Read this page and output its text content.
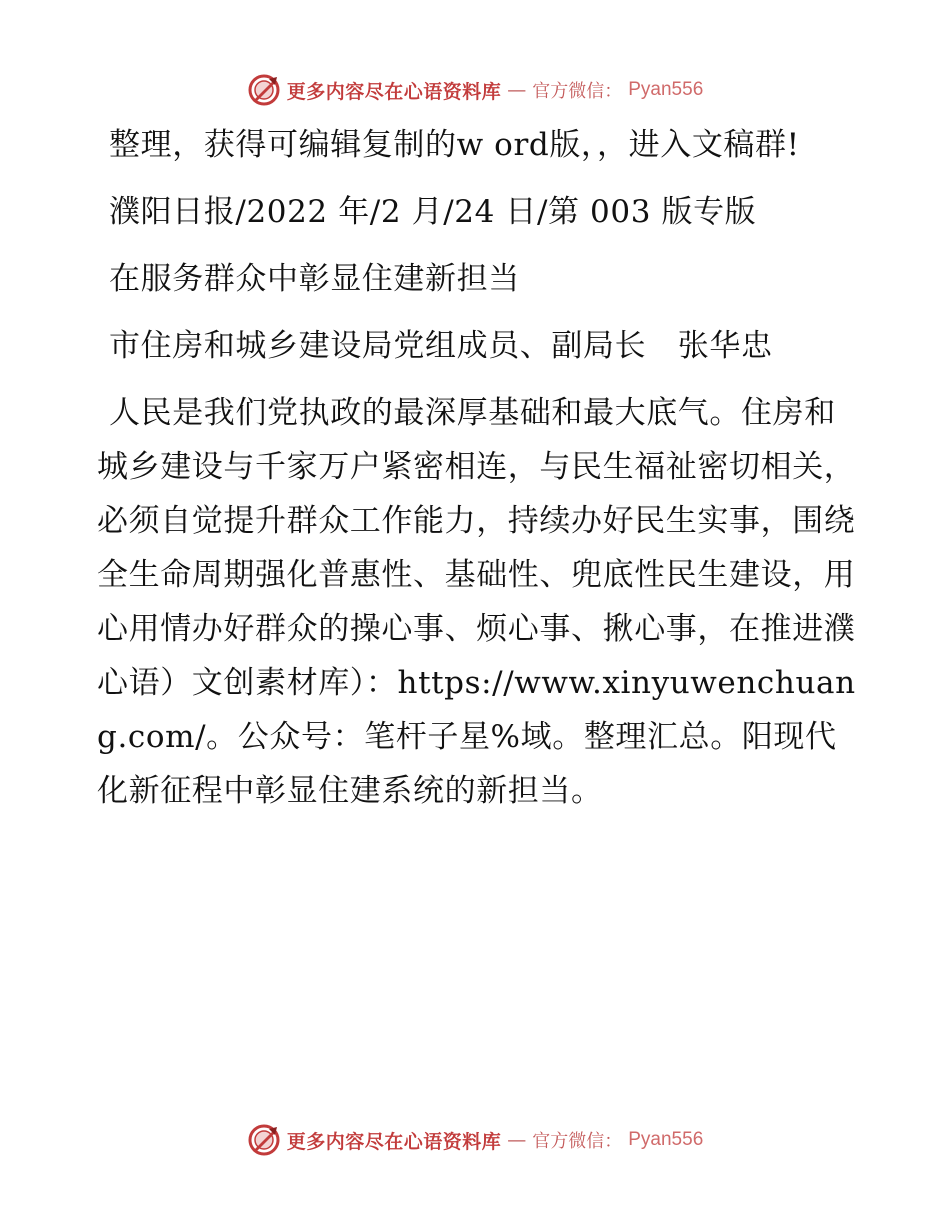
更多内容尽在心语资料库 — 官方微信： Pyan556

整理，获得可编辑复制的w ord版，，进入文稿群!

濮阳日报/2022 年/2 月/24 日/第 003 版专版

在服务群众中彰显住建新担当

市住房和城乡建设局党组成员、副局长　张华忠

人民是我们党执政的最深厚基础和最大底气。住房和城乡建设与千家万户紧密相连，与民生福祉密切相关，必须自觉提升群众工作能力，持续办好民生实事，围绕全生命周期强化普惠性、基础性、兜底性民生建设，用心用情办好群众的操心事、烦心事、揪心事，在推进濮心语）文创素材库）：https://www.xinyuwenchuang.com/。公众号：笔杆子星%域。整理汇总。阳现代化新征程中彰显住建系统的新担当。

更多内容尽在心语资料库 — 官方微信： Pyan556
